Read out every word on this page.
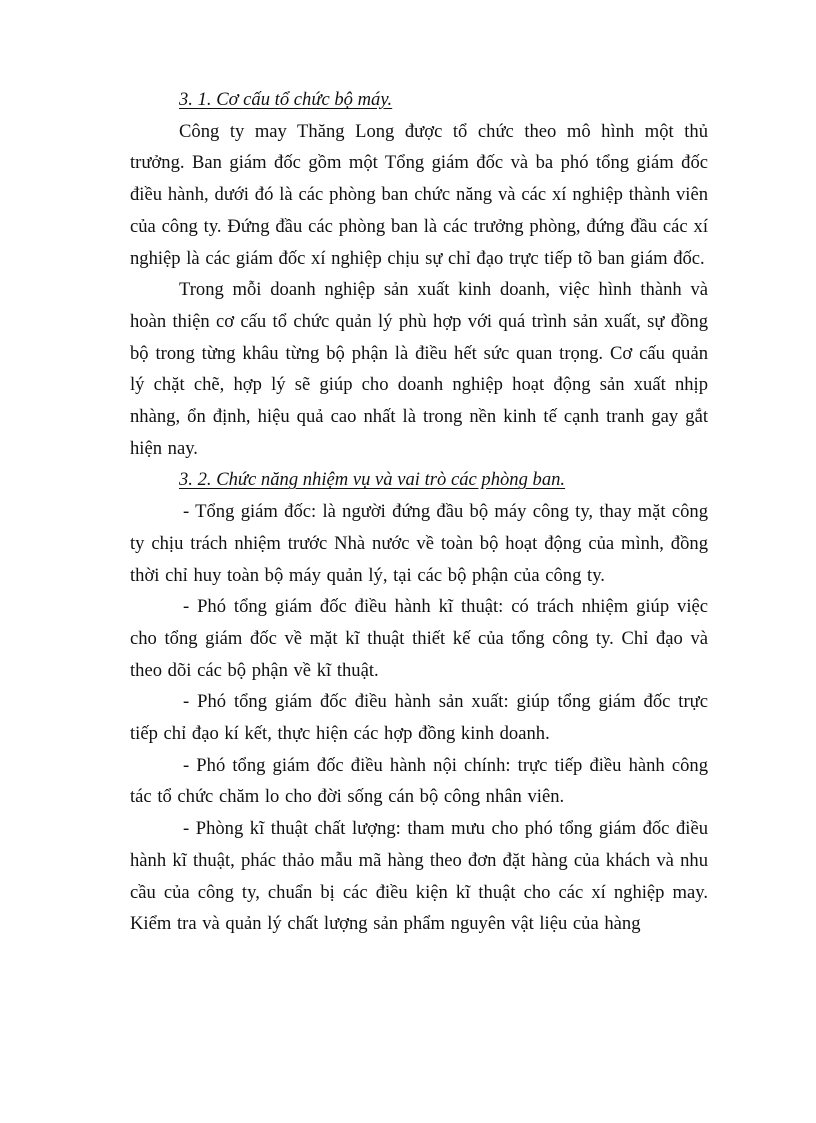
3. 1. Cơ cấu tổ chức bộ máy.

Công ty may Thăng Long được tổ chức theo mô hình một thủ trưởng. Ban giám đốc gồm một Tổng giám đốc và ba phó tổng giám đốc điều hành, dưới đó là các phòng ban chức năng và các xí nghiệp thành viên của công ty. Đứng đầu các phòng ban là các trưởng phòng, đứng đầu các xí nghiệp là các giám đốc xí nghiệp chịu sự chỉ đạo trực tiếp tõ ban giám đốc.

Trong mỗi doanh nghiệp sản xuất kinh doanh, việc hình thành và hoàn thiện cơ cấu tổ chức quản lý phù hợp với quá trình sản xuất, sự đồng bộ trong từng khâu từng bộ phận là điều hết sức quan trọng. Cơ cấu quản lý chặt chẽ, hợp lý sẽ giúp cho doanh nghiệp hoạt động sản xuất nhịp nhàng, ổn định, hiệu quả cao nhất là trong nền kinh tế cạnh tranh gay gắt hiện nay.

3. 2. Chức năng nhiệm vụ và vai trò các phòng ban.

- Tổng giám đốc: là người đứng đầu bộ máy công ty, thay mặt công ty chịu trách nhiệm trước Nhà nước về toàn bộ hoạt động của mình, đồng thời chỉ huy toàn bộ máy quản lý, tại các bộ phận của công ty.

- Phó tổng giám đốc điều hành kĩ thuật: có trách nhiệm giúp việc cho tổng giám đốc về mặt kĩ thuật thiết kế của tổng công ty. Chỉ đạo và theo dõi các bộ phận về kĩ thuật.

- Phó tổng giám đốc điều hành sản xuất: giúp tổng giám đốc trực tiếp chỉ đạo kí kết, thực hiện các hợp đồng kinh doanh.

- Phó tổng giám đốc điều hành nội chính: trực tiếp điều hành công tác tổ chức chăm lo cho đời sống cán bộ công nhân viên.

- Phòng kĩ thuật chất lượng: tham mưu cho phó tổng giám đốc điều hành kĩ thuật, phác thảo mẫu mã hàng theo đơn đặt hàng của khách và nhu cầu của công ty, chuẩn bị các điều kiện kĩ thuật cho các xí nghiệp may. Kiểm tra và quản lý chất lượng sản phẩm nguyên vật liệu của hàng
